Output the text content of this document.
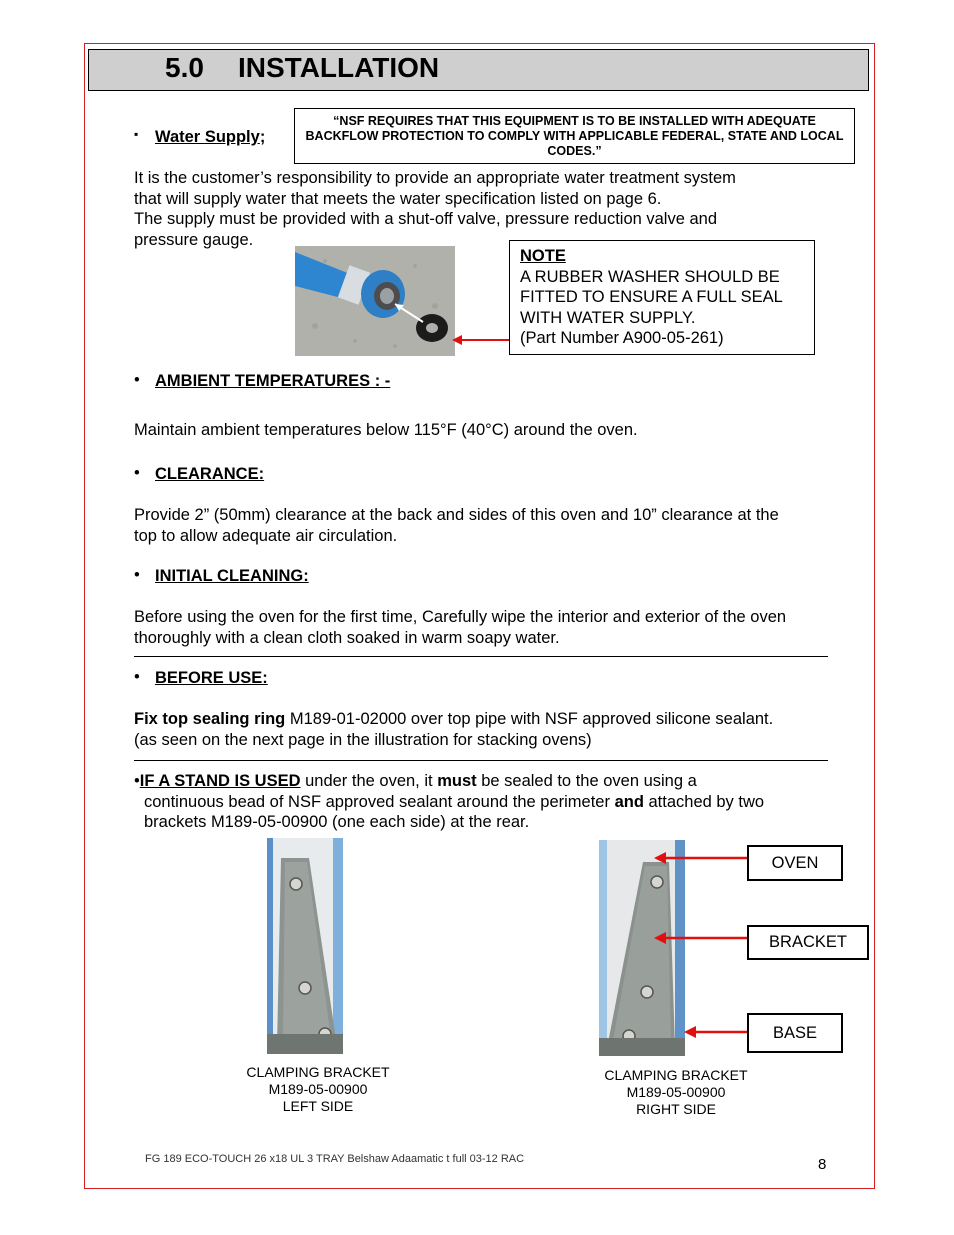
5.0 INSTALLATION
▪ Water Supply;
“NSF REQUIRES THAT THIS EQUIPMENT IS TO BE INSTALLED WITH ADEQUATE BACKFLOW PROTECTION TO COMPLY WITH APPLICABLE FEDERAL, STATE AND LOCAL CODES.”
It is the customer’s responsibility to provide an appropriate water treatment system
that will supply water that meets the water specification listed on page 6.
The supply must be provided with a shut-off valve, pressure reduction valve and
pressure gauge.
NOTE
A RUBBER WASHER SHOULD BE
FITTED TO ENSURE A FULL SEAL
WITH WATER SUPPLY.
(Part Number A900-05-261)
• AMBIENT TEMPERATURES : -
Maintain ambient temperatures below 115°F (40°C) around the oven.
• CLEARANCE:
Provide 2” (50mm) clearance at the back and sides of this oven and 10” clearance at the
top to allow adequate air circulation.
• INITIAL CLEANING:
Before using the oven for the first time, Carefully wipe the interior and exterior of the oven
thoroughly with a clean cloth soaked in warm soapy water.
• BEFORE USE:
Fix top sealing ring M189-01-02000 over top pipe with NSF approved silicone sealant.
(as seen on the next page in the illustration for stacking ovens)
•IF A STAND IS USED under the oven, it must be sealed to the oven using a
continuous bead of NSF approved sealant around the perimeter and attached by two
brackets M189-05-00900 (one each side) at the rear.
OVEN
BRACKET
BASE
CLAMPING BRACKET
M189-05-00900
LEFT SIDE
CLAMPING BRACKET
M189-05-00900
RIGHT SIDE
FG 189 ECO-TOUCH 26 x18 UL 3 TRAY Belshaw Adaamatic t full 03-12 RAC	8
